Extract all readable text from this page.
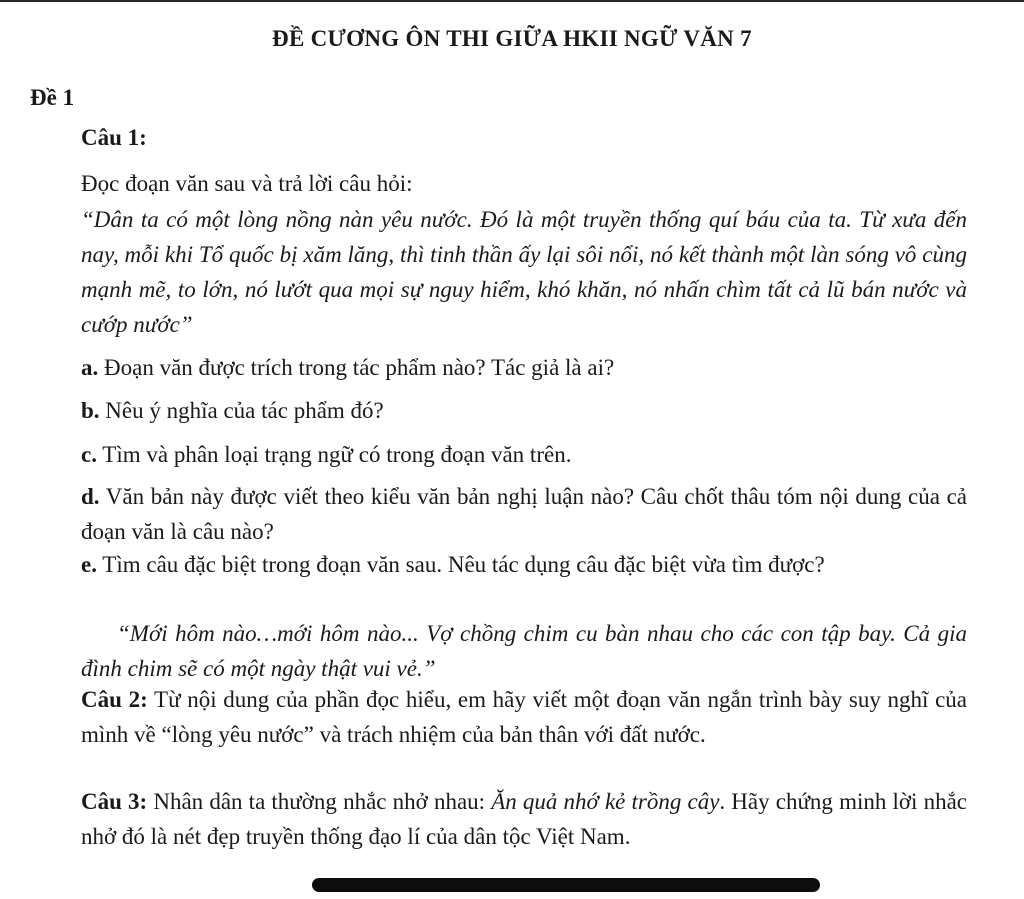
ĐỀ CƯƠNG ÔN THI GIỮA HKII NGỮ VĂN 7
Đề 1
Câu 1:
Đọc đoạn văn sau và trả lời câu hỏi:
“Dân ta có một lòng nồng nàn yêu nước. Đó là một truyền thống quí báu của ta. Từ xưa đến nay, mỗi khi Tổ quốc bị xăm lăng, thì tinh thần ấy lại sôi nổi, nó kết thành một làn sóng vô cùng mạnh mẽ, to lớn, nó lướt qua mọi sự nguy hiểm, khó khăn, nó nhấn chìm tất cả lũ bán nước và cướp nước”
a. Đoạn văn được trích trong tác phẩm nào? Tác giả là ai?
b. Nêu ý nghĩa của tác phẩm đó?
c. Tìm và phân loại trạng ngữ có trong đoạn văn trên.
d. Văn bản này được viết theo kiểu văn bản nghị luận nào? Câu chốt thâu tóm nội dung của cả đoạn văn là câu nào?
e. Tìm câu đặc biệt trong đoạn văn sau. Nêu tác dụng câu đặc biệt vừa tìm được?
“Mới hôm nào…mới hôm nào... Vợ chồng chim cu bàn nhau cho các con tập bay. Cả gia đình chim sẽ có một ngày thật vui vẻ.”
Câu 2: Từ nội dung của phần đọc hiểu, em hãy viết một đoạn văn ngắn trình bày suy nghĩ của mình về “lòng yêu nước” và trách nhiệm của bản thân với đất nước.
Câu 3: Nhân dân ta thường nhắc nhở nhau: Ăn quả nhớ kẻ trồng cây. Hãy chứng minh lời nhắc nhở đó là nét đẹp truyền thống đạo lí của dân tộc Việt Nam.
